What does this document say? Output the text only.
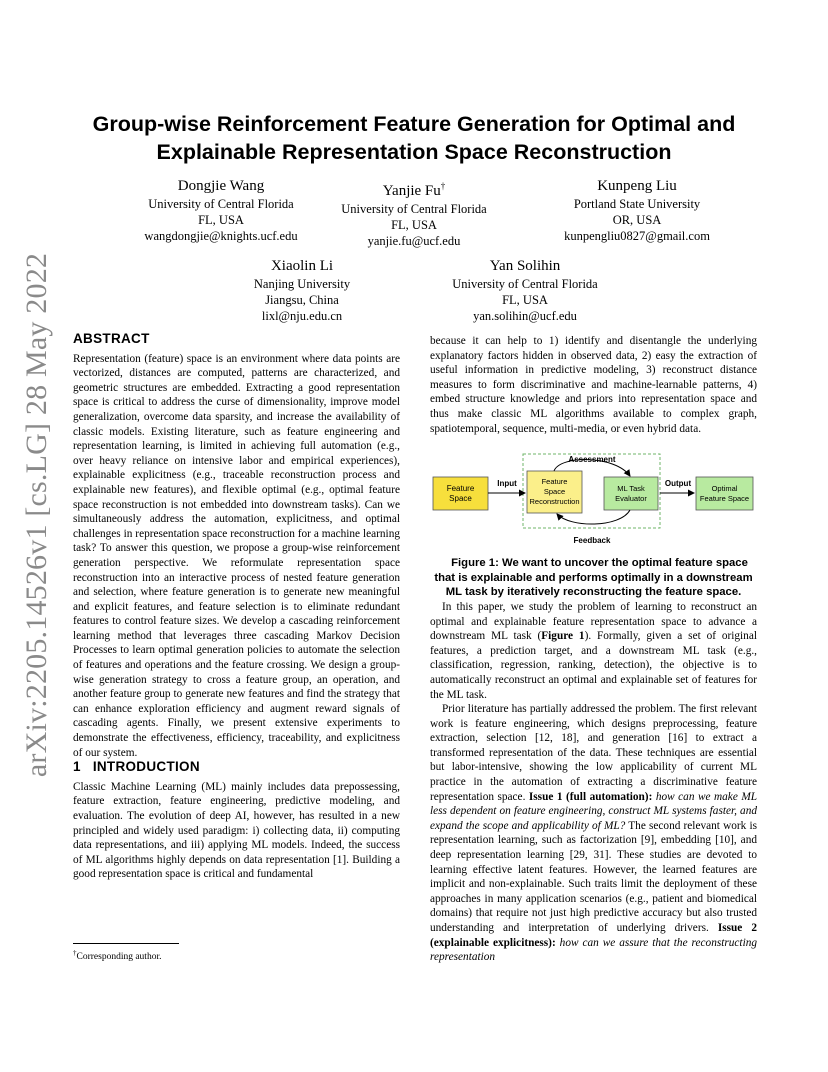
arXiv:2205.14526v1 [cs.LG] 28 May 2022
Group-wise Reinforcement Feature Generation for Optimal and
Explainable Representation Space Reconstruction
Dongjie Wang
University of Central Florida
FL, USA
wangdongjie@knights.ucf.edu
Yanjie Fu†
University of Central Florida
FL, USA
yanjie.fu@ucf.edu
Kunpeng Liu
Portland State University
OR, USA
kunpengliu0827@gmail.com
Xiaolin Li
Nanjing University
Jiangsu, China
lixl@nju.edu.cn
Yan Solihin
University of Central Florida
FL, USA
yan.solihin@ucf.edu
ABSTRACT

Representation (feature) space is an environment where data points are vectorized, distances are computed, patterns are characterized, and geometric structures are embedded. Extracting a good representation space is critical to address the curse of dimensionality, improve model generalization, overcome data sparsity, and increase the availability of classic models. Existing literature, such as feature engineering and representation learning, is limited in achieving full automation (e.g., over heavy reliance on intensive labor and empirical experiences), explainable explicitness (e.g., traceable reconstruction process and explainable new features), and flexible optimal (e.g., optimal feature space reconstruction is not embedded into downstream tasks). Can we simultaneously address the automation, explicitness, and optimal challenges in representation space reconstruction for a machine learning task? To answer this question, we propose a group-wise reinforcement generation perspective. We reformulate representation space reconstruction into an interactive process of nested feature generation and selection, where feature generation is to generate new meaningful and explicit features, and feature selection is to eliminate redundant features to control feature sizes. We develop a cascading reinforcement learning method that leverages three cascading Markov Decision Processes to learn optimal generation policies to automate the selection of features and operations and the feature crossing. We design a group-wise generation strategy to cross a feature group, an operation, and another feature group to generate new features and find the strategy that can enhance exploration efficiency and augment reward signals of cascading agents. Finally, we present extensive experiments to demonstrate the effectiveness, efficiency, traceability, and explicitness of our system.

1 INTRODUCTION

Classic Machine Learning (ML) mainly includes data prepossessing, feature extraction, feature engineering, predictive modeling, and evaluation. The evolution of deep AI, however, has resulted in a new principled and widely used paradigm: i) collecting data, ii) computing data representations, and iii) applying ML models. Indeed, the success of ML algorithms highly depends on data representation [1]. Building a good representation space is critical and fundamental

because it can help to 1) identify and disentangle the underlying explanatory factors hidden in observed data, 2) easy the extraction of useful information in predictive modeling, 3) reconstruct distance measures to form discriminative and machine-learnable patterns, 4) embed structure knowledge and priors into representation space and thus make classic ML algorithms available to complex graph, spatiotemporal, sequence, multi-media, or even hybrid data.

Feature
Space
Input	Feature
Space
Reconstruction
ML Task
Evaluator
Assessment
Feedback
Output
Optimal
Feature Space

Figure 1: We want to uncover the optimal feature space that is explainable and performs optimally in a downstream ML task by iteratively reconstructing the feature space.

In this paper, we study the problem of learning to reconstruct an optimal and explainable feature representation space to advance a downstream ML task (Figure 1). Formally, given a set of original features, a prediction target, and a downstream ML task (e.g., classification, regression, ranking, detection), the objective is to automatically reconstruct an optimal and explainable set of features for the ML task.

Prior literature has partially addressed the problem. The first relevant work is feature engineering, which designs preprocessing, feature extraction, selection [12, 18], and generation [16] to extract a transformed representation of the data. These techniques are essential but labor-intensive, showing the low applicability of current ML practice in the automation of extracting a discriminative feature representation space. Issue 1 (full automation): how can we make ML less dependent on feature engineering, construct ML systems faster, and expand the scope and applicability of ML? The second relevant work is representation learning, such as factorization [9], embedding [10], and deep representation learning [29, 31]. These studies are devoted to learning effective latent features. However, the learned features are implicit and non-explainable. Such traits limit the deployment of these approaches in many application scenarios (e.g., patient and biomedical domains) that require not just high predictive accuracy but also trusted understanding and interpretation of underlying drivers. Issue 2 (explainable explicitness): how can we assure that the reconstructing representation

†Corresponding author.
